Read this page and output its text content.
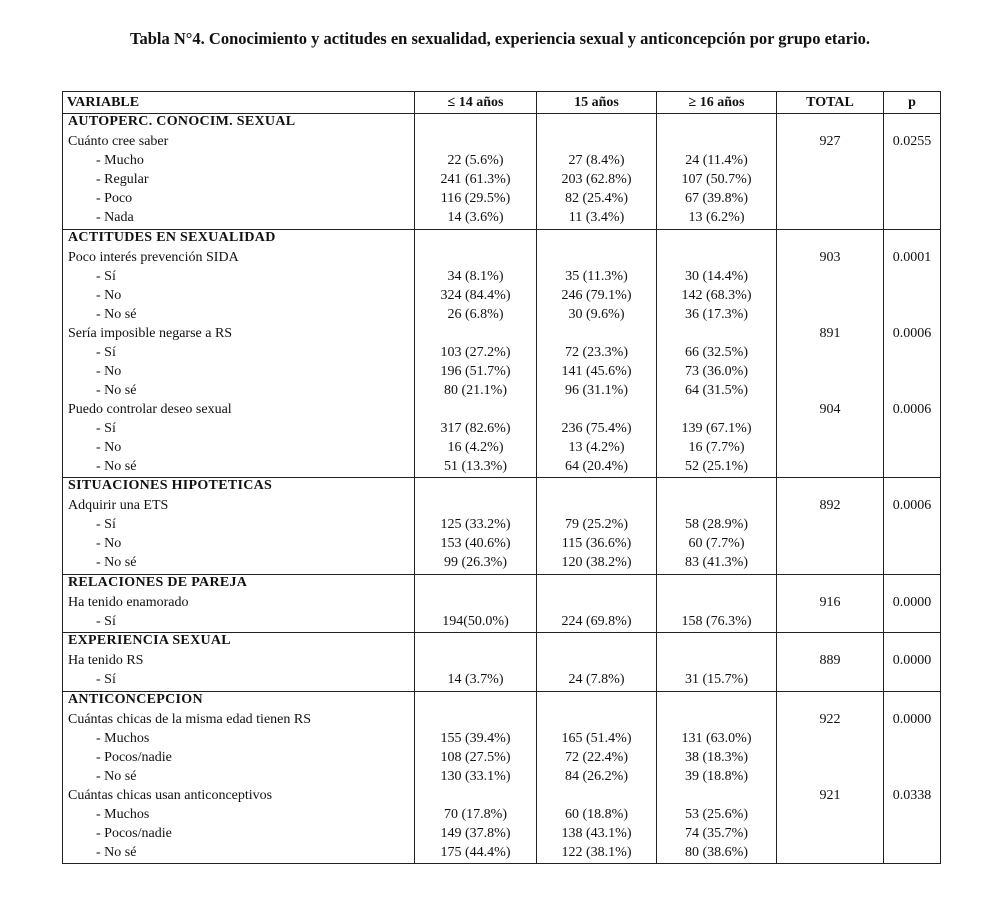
Tabla N°4. Conocimiento y actitudes en sexualidad, experiencia sexual y anticoncepción por grupo etario.
VARIABLE	≤ 14 años	15 años	≥ 16 años	TOTAL	p
AUTOPERC. CONOCIM. SEXUAL					
Cuánto cree saber				927	0.0255
- Mucho	22 (5.6%)	27 (8.4%)	24 (11.4%)		
- Regular	241 (61.3%)	203 (62.8%)	107 (50.7%)		
- Poco	116 (29.5%)	82 (25.4%)	67 (39.8%)		
- Nada	14 (3.6%)	11 (3.4%)	13 (6.2%)		
ACTITUDES EN SEXUALIDAD					
Poco interés prevención SIDA				903	0.0001
- Sí	34 (8.1%)	35 (11.3%)	30 (14.4%)		
- No	324 (84.4%)	246 (79.1%)	142 (68.3%)		
- No sé	26 (6.8%)	30 (9.6%)	36 (17.3%)		
Sería imposible negarse a RS				891	0.0006
- Sí	103 (27.2%)	72 (23.3%)	66 (32.5%)		
- No	196 (51.7%)	141 (45.6%)	73 (36.0%)		
- No sé	80 (21.1%)	96 (31.1%)	64 (31.5%)		
Puedo controlar deseo sexual				904	0.0006
- Sí	317 (82.6%)	236 (75.4%)	139 (67.1%)		
- No	16 (4.2%)	13 (4.2%)	16 (7.7%)		
- No sé	51 (13.3%)	64 (20.4%)	52 (25.1%)		
SITUACIONES HIPOTETICAS					
Adquirir una ETS				892	0.0006
- Sí	125 (33.2%)	79 (25.2%)	58 (28.9%)		
- No	153 (40.6%)	115 (36.6%)	60 (7.7%)		
- No sé	99 (26.3%)	120 (38.2%)	83 (41.3%)		
RELACIONES DE PAREJA					
Ha tenido enamorado				916	0.0000
- Sí	194(50.0%)	224 (69.8%)	158 (76.3%)		
EXPERIENCIA SEXUAL					
Ha tenido RS				889	0.0000
- Sí	14 (3.7%)	24 (7.8%)	31 (15.7%)		
ANTICONCEPCION					
Cuántas chicas de la misma edad tienen RS				922	0.0000
- Muchos	155 (39.4%)	165 (51.4%)	131 (63.0%)		
- Pocos/nadie	108 (27.5%)	72 (22.4%)	38 (18.3%)		
- No sé	130 (33.1%)	84 (26.2%)	39 (18.8%)		
Cuántas chicas usan anticonceptivos				921	0.0338
- Muchos	70 (17.8%)	60 (18.8%)	53 (25.6%)		
- Pocos/nadie	149 (37.8%)	138 (43.1%)	74 (35.7%)		
- No sé	175 (44.4%)	122 (38.1%)	80 (38.6%)		
